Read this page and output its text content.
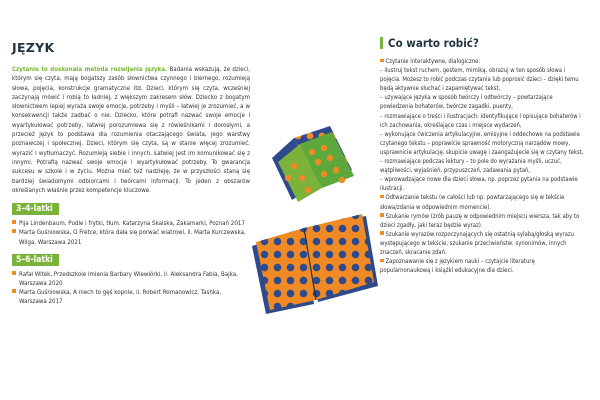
JĘZYK

Czytanie to doskonała metoda rozwijania języka. Badania wskazują, że dzieci, którym się czyta, mają bogatszy zasób słownictwa czynnego i biernego, rozumieją słowa, pojęcia, konstrukcje gramatyczne itd. Dzieci, którym się czyta, wcześniej zaczynają mówić i robią to ładniej, z większym zakresem słów. Dziecko z bogatym słownictwem lepiej wyraża swoje emocje, potrzeby i myśli – łatwiej je zrozumieć, a w konsekwencji także zadbać o nie. Dziecko, które potrafi nazwać swoje emocje i wyartykułować potrzeby, łatwiej porozumiewa się z rówieśnikami i dorosłymi, a przecież język to podstawa dla rozumienia otaczającego świata, jego warstwy poznawczej i społecznej. Dzieci, którym się czyta, są w stanie więcej zrozumieć, wyrazić i wytłumaczyć. Rozumieją siebie i innych. Łatwiej jest im komunikować się z innymi. Potrafią nazwać swoje emocje i wyartykułować potrzeby. To gwarancja sukcesu w szkole i w życiu. Można mieć też nadzieję, że w przyszłości staną się bardziej świadomymi odbiorcami i twórcami informacji. To jeden z obszarów określanych właśnie przez kompetencje kluczowe.

3–4-latki
Pija Lindenbaum, Pudle i frytki, tłum. Katarzyna Skalska, Zakamarki, Poznań 2017
Marta Guśniowska, O Fretce, która dała się porwać wiatrowi, il. Marta Kurczewska, Wilga, Warszawa 2021
5–6-latki
Rafał Witek, Przedszkole imienia Barbary Wiewiórki, il. Aleksandra Fabia, Bajka, Warszawa 2020
Marta Guśniowska, A niech to gęś kopnie, il. Robert Romanowicz, Tashka, Warszawa 2017
Co warto robić?
Czytanie interaktywne, dialogiczne:
– ilustruj tekst ruchem, gestem, mimiką, obrazuj w ten sposób słowa i pojęcia. Możesz to robić podczas czytania lub poprosić dzieci – dzięki temu będą aktywnie słuchać i zapamiętywać tekst,
– używające języka w sposób twórczy i odtwórczy – powtarzające powiedzenia bohaterów, twórcze zagadki, puenty,
– rozmawiające o treści i ilustracjach: identyfikujące i opisujące bohaterów i ich zachowania, określające czas i miejsce wydarzeń,
– wykonujące ćwiczenia artykulacyjne, emisyjne i oddechowe na podstawie czytanego tekstu – poprawicie sprawność motoryczną narządów mowy, usprawnicie artykulację, skupicie uwagę i zaangażujecie się w czytany tekst,
– rozmawiające podczas lektury – to pole do wyrażania myśli, uczuć, wątpliwości, wyjaśnień, przypuszczeń, zadawania pytań,
– wprowadzające nowe dla dzieci słowa, np. poprzez pytania na podstawie ilustracji.
Odtwarzanie tekstu (w całości lub np. powtarzającego się w tekście słowa/zdania w odpowiednim momencie).
Szukanie rymów (zrób pauzę w odpowiednim miejscu wiersza, tak aby to dzieci zgadły, jaki teraz będzie wyraz).
Szukanie wyrazów rozpoczynających się ostatnią sylabą/głoską wyrazu występującego w tekście, szukanie przeciwieństw, synonimów, innych znaczeń, skracanie zdań.
Zapoznawanie się z językiem nauki – czytajcie literaturę popularnonaukową i książki edukacyjne dla dzieci.
